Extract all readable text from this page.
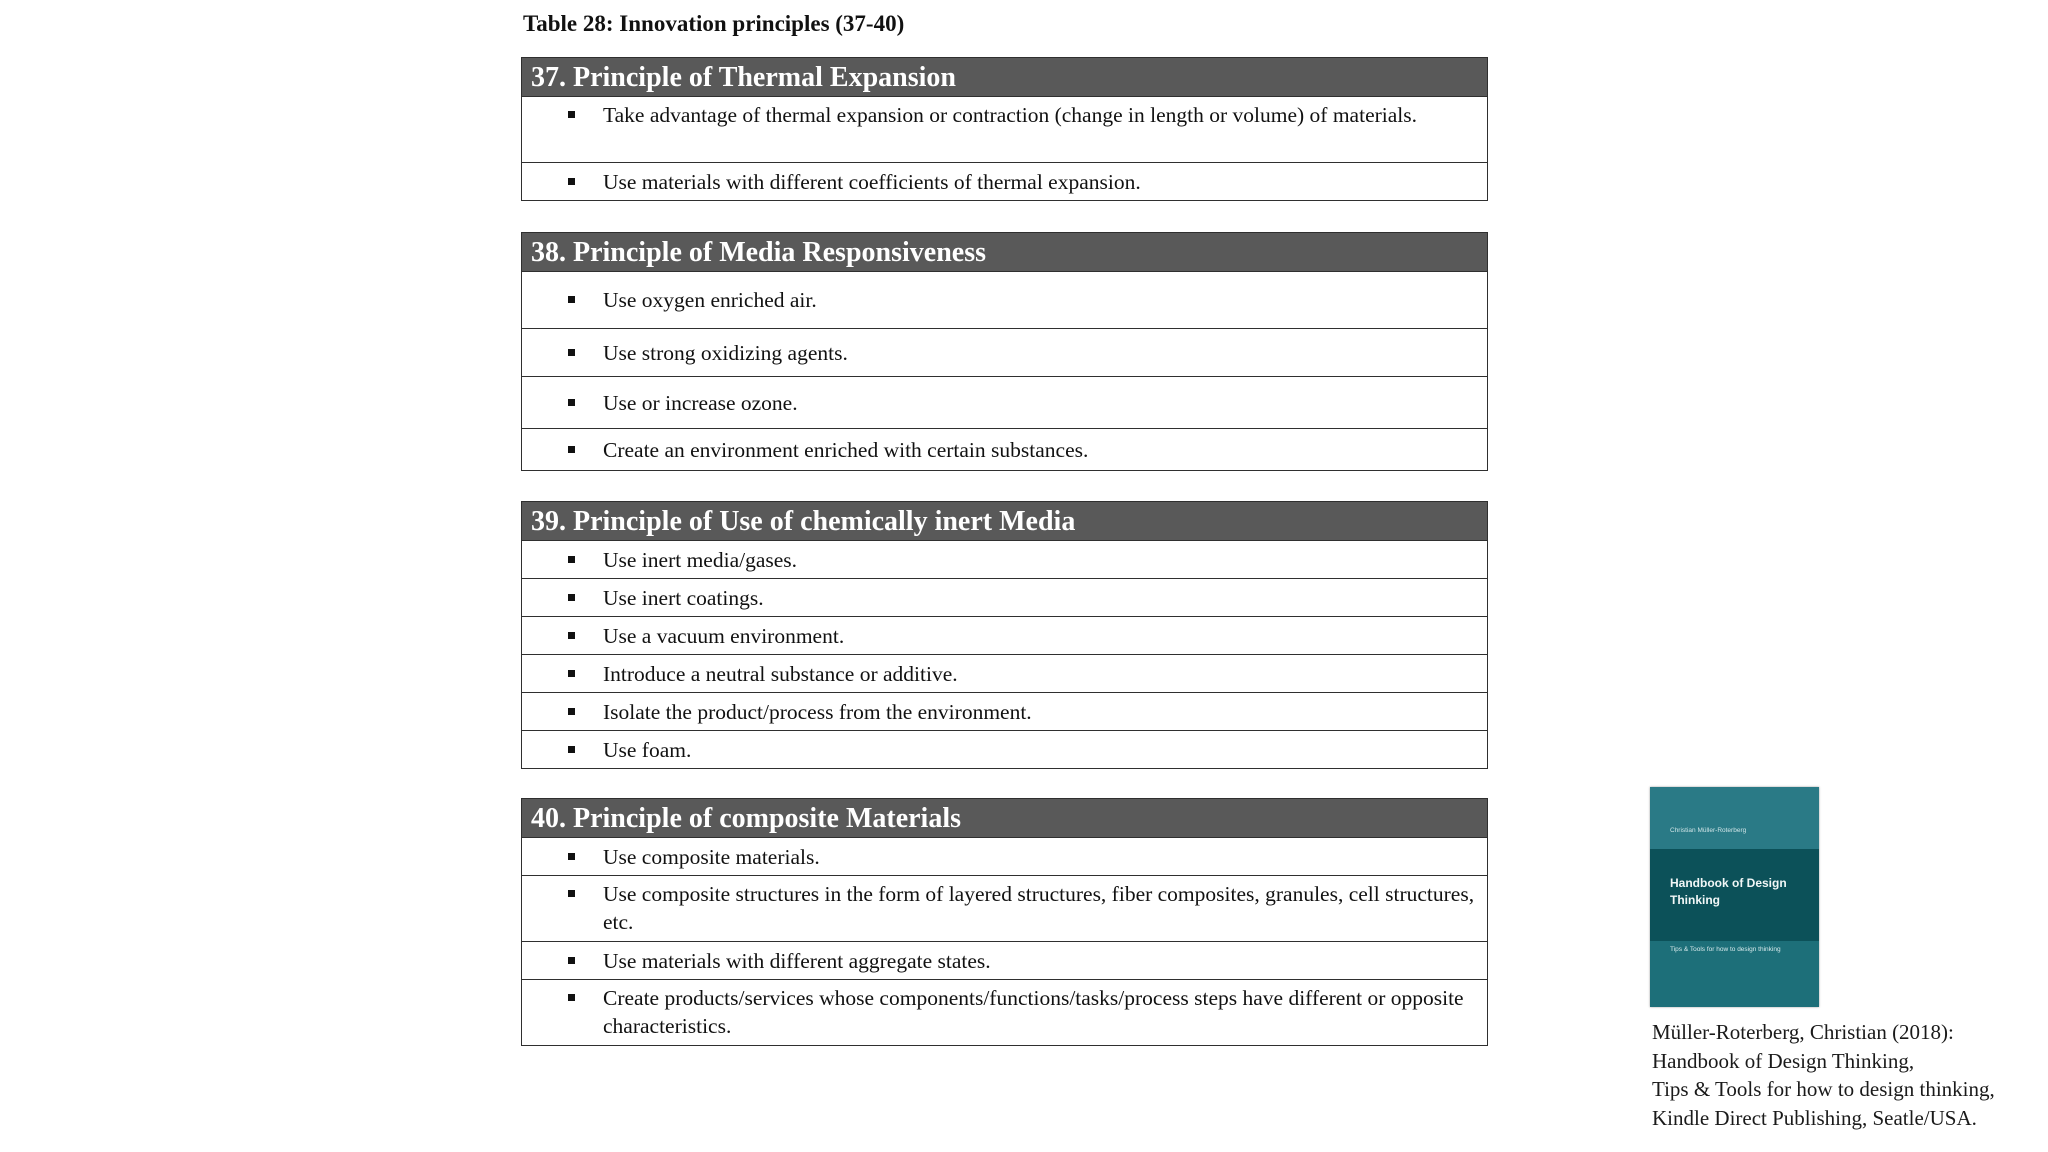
Table 28: Innovation principles (37-40)
37. Principle of Thermal Expansion
Take advantage of thermal expansion or contraction (change in length or volume) of materials.
Use materials with different coefficients of thermal expansion.
38. Principle of Media Responsiveness
Use oxygen enriched air.
Use strong oxidizing agents.
Use or increase ozone.
Create an environment enriched with certain substances.
39. Principle of Use of chemically inert Media
Use inert media/gases.
Use inert coatings.
Use a vacuum environment.
Introduce a neutral substance or additive.
Isolate the product/process from the environment.
Use foam.
40. Principle of composite Materials
Use composite materials.
Use composite structures in the form of layered structures, fiber composites, granules, cell structures, etc.
Use materials with different aggregate states.
Create products/services whose components/functions/tasks/process steps have different or opposite characteristics.
Christian Müller-Roterberg
Handbook of Design Thinking
Tips & Tools for how to design thinking
Müller-Roterberg, Christian (2018):
Handbook of Design Thinking,
Tips & Tools for how to design thinking,
Kindle Direct Publishing, Seatle/USA.
